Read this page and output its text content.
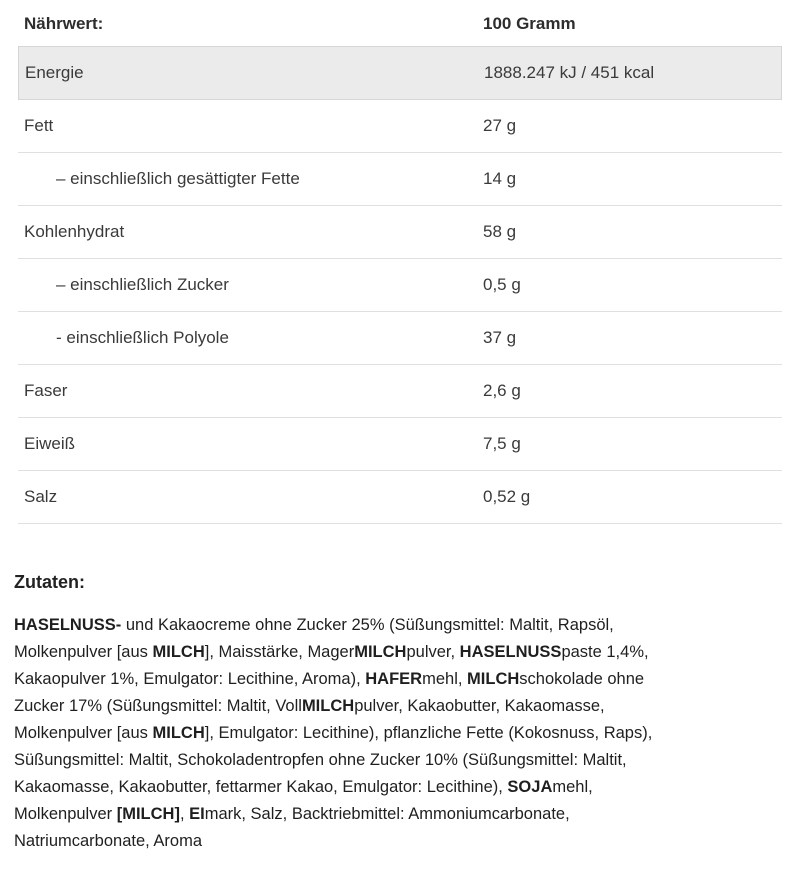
Nährwert:	100 Gramm
Energie	1888.247 kJ / 451 kcal
Fett	27 g
– einschließlich gesättigter Fette	14 g
Kohlenhydrat	58 g
– einschließlich Zucker	0,5 g
- einschließlich Polyole	37 g
Faser	2,6 g
Eiweiß	7,5 g
Salz	0,52 g
Zutaten:
HASELNUSS- und Kakaocreme ohne Zucker 25% (Süßungsmittel: Maltit, Rapsöl,
Molkenpulver [aus MILCH], Maisstärke, MagerMILCHpulver, HASELNUSSpaste 1,4%,
Kakaopulver 1%, Emulgator: Lecithine, Aroma), HAFERmehl, MILCHschokolade ohne
Zucker 17% (Süßungsmittel: Maltit, VollMILCHpulver, Kakaobutter, Kakaomasse,
Molkenpulver [aus MILCH], Emulgator: Lecithine), pflanzliche Fette (Kokosnuss, Raps),
Süßungsmittel: Maltit, Schokoladentropfen ohne Zucker 10% (Süßungsmittel: Maltit,
Kakaomasse, Kakaobutter, fettarmer Kakao, Emulgator: Lecithine), SOJAmehl,
Molkenpulver [MILCH], EImark, Salz, Backtriebmittel: Ammoniumcarbonate,
Natriumcarbonate, Aroma
